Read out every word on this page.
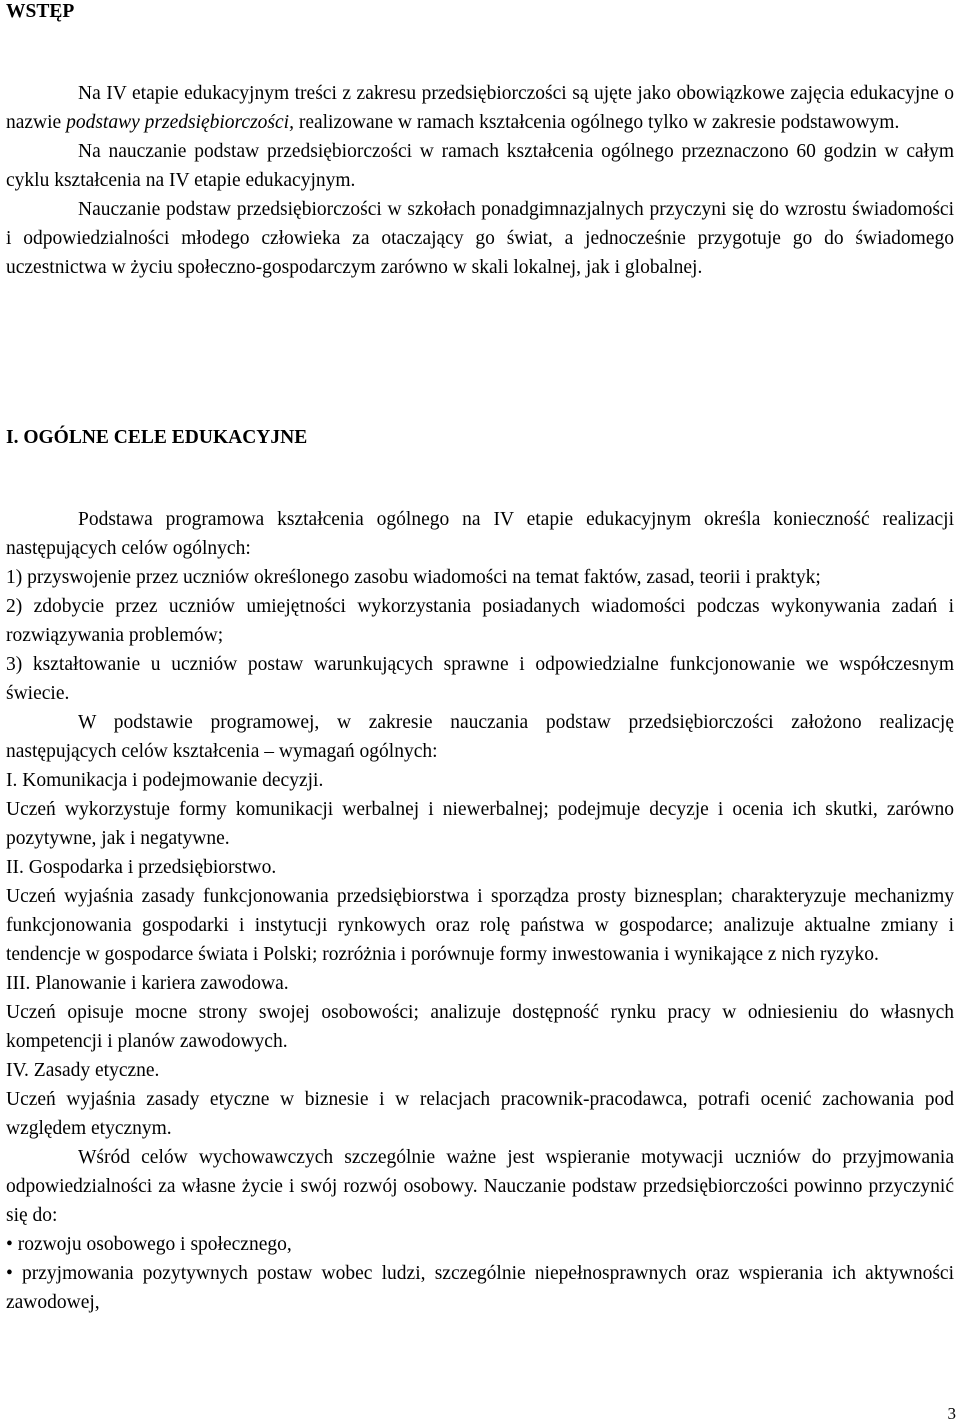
WSTĘP

Na IV etapie edukacyjnym treści z zakresu przedsiębiorczości są ujęte jako obowiązkowe zajęcia edukacyjne o nazwie podstawy przedsiębiorczości, realizowane w ramach kształcenia ogólnego tylko w zakresie podstawowym.

Na nauczanie podstaw przedsiębiorczości w ramach kształcenia ogólnego przeznaczono 60 godzin w całym cyklu kształcenia na IV etapie edukacyjnym.

Nauczanie podstaw przedsiębiorczości w szkołach ponadgimnazjalnych przyczyni się do wzrostu świadomości i odpowiedzialności młodego człowieka za otaczający go świat, a jednocześnie przygotuje go do świadomego uczestnictwa w życiu społeczno-gospodarczym zarówno w skali lokalnej, jak i globalnej.

I. OGÓLNE CELE EDUKACYJNE

Podstawa programowa kształcenia ogólnego na IV etapie edukacyjnym określa konieczność realizacji następujących celów ogólnych:

1) przyswojenie przez uczniów określonego zasobu wiadomości na temat faktów, zasad, teorii i praktyk;

2) zdobycie przez uczniów umiejętności wykorzystania posiadanych wiadomości podczas wykonywania zadań i rozwiązywania problemów;

3) kształtowanie u uczniów postaw warunkujących sprawne i odpowiedzialne funkcjonowanie we współczesnym świecie.

W podstawie programowej, w zakresie nauczania podstaw przedsiębiorczości założono realizację następujących celów kształcenia – wymagań ogólnych:

I. Komunikacja i podejmowanie decyzji.

Uczeń wykorzystuje formy komunikacji werbalnej i niewerbalnej; podejmuje decyzje i ocenia ich skutki, zarówno pozytywne, jak i negatywne.

II. Gospodarka i przedsiębiorstwo.

Uczeń wyjaśnia zasady funkcjonowania przedsiębiorstwa i sporządza prosty biznesplan; charakteryzuje mechanizmy funkcjonowania gospodarki i instytucji rynkowych oraz rolę państwa w gospodarce; analizuje aktualne zmiany i tendencje w gospodarce świata i Polski; rozróżnia i porównuje formy inwestowania i wynikające z nich ryzyko.

III. Planowanie i kariera zawodowa.

Uczeń opisuje mocne strony swojej osobowości; analizuje dostępność rynku pracy w odniesieniu do własnych kompetencji i planów zawodowych.

IV. Zasady etyczne.

Uczeń wyjaśnia zasady etyczne w biznesie i w relacjach pracownik-pracodawca, potrafi ocenić zachowania pod względem etycznym.

Wśród celów wychowawczych szczególnie ważne jest wspieranie motywacji uczniów do przyjmowania odpowiedzialności za własne życie i swój rozwój osobowy. Nauczanie podstaw przedsiębiorczości powinno przyczynić się do:

• rozwoju osobowego i społecznego,

• przyjmowania pozytywnych postaw wobec ludzi, szczególnie niepełnosprawnych oraz wspierania ich aktywności zawodowej,

3
